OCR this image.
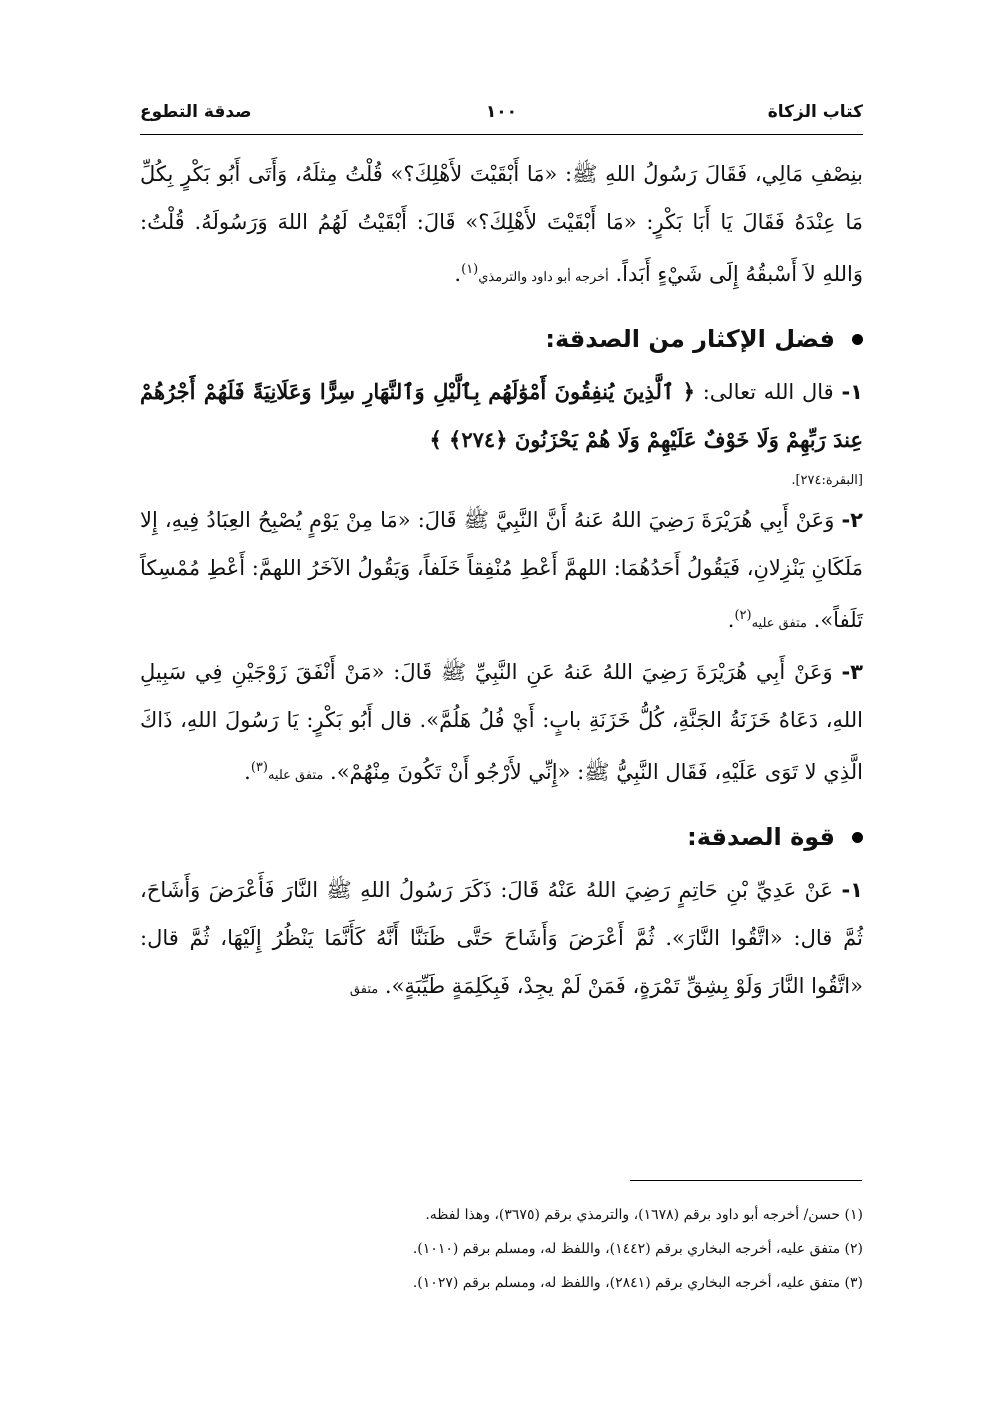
كتاب الزكاة
١٠٠
صدقة التطوع

بنِصْفِ مَالِي، فَقَالَ رَسُولُ اللهِ ﷺ: «مَا أَبْقَيْتَ لأَهْلِكَ؟» قُلْتُ مِثلَهُ، وَأَتَى أَبُو بَكْرٍ بِكُلِّ مَا عِنْدَهُ فَقَالَ يَا أَبَا بَكْرٍ: «مَا أَبْقَيْتَ لأَهْلِكَ؟» قَالَ: أَبْقَيْتُ لَهُمُ اللهَ وَرَسُولَهُ. قُلْتُ: وَاللهِ لاَ أَسْبقُهُ إِلَى شَيْءٍ أَبَداً. أخرجه أبو داود والترمذي$^{(١)}$.

فضل الإكثار من الصدقة:

١- قال الله تعالى: ﴿ ٱلَّذِينَ يُنفِقُونَ أَمْوَٰلَهُم بِٱلَّيْلِ وَٱلنَّهَارِ سِرًّا وَعَلَانِيَةً فَلَهُمْ أَجْرُهُمْ عِندَ رَبِّهِمْ وَلَا خَوْفٌ عَلَيْهِمْ وَلَا هُمْ يَحْزَنُونَ ﴿٢٧٤﴾ ﴾

[البقرة:٢٧٤].

٢- وَعَنْ أَبِي هُرَيْرَةَ رَضِيَ اللهُ عَنهُ أَنَّ النَّبِيَّ ﷺ قَالَ: «مَا مِنْ يَوْمٍ يُصْبِحُ العِبَادُ فِيهِ، إِلا مَلَكَانِ يَنْزِلانِ، فَيَقُولُ أَحَدُهُمَا: اللهمَّ أَعْطِ مُنْفِقاً خَلَفاً، وَيَقُولُ الآخَرُ اللهمَّ: أَعْطِ مُمْسِكاً تَلَفاً». متفق عليه$^{(٢)}$.

٣- وَعَنْ أَبِي هُرَيْرَةَ رَضِيَ اللهُ عَنهُ عَنِ النَّبِيِّ ﷺ قَالَ: «مَنْ أَنْفَقَ زَوْجَيْنِ فِي سَبِيلِ اللهِ، دَعَاهُ خَزَنَةُ الجَنَّةِ، كُلُّ خَزَنَةِ بابٍ: أَيْ فُلُ هَلُمَّ». قال أَبُو بَكْرٍ: يَا رَسُولَ اللهِ، ذَاكَ الَّذِي لا تَوَى عَلَيْهِ، فَقَال النَّبِيُّ ﷺ: «إِنِّي لأَرْجُو أَنْ تَكُونَ مِنْهُمْ». متفق عليه$^{(٣)}$.

قوة الصدقة:

١- عَنْ عَدِيِّ بْنِ حَاتِمٍ رَضِيَ اللهُ عَنْهُ قَالَ: ذَكَرَ رَسُولُ اللهِ ﷺ النَّارَ فَأَعْرَضَ وَأَشَاحَ، ثُمَّ قال: «اتَّقُوا النَّارَ». ثُمَّ أَعْرَضَ وَأَشَاحَ حَتَّى ظَنَنَّا أَنَّهُ كَأَنَّمَا يَنْظُرُ إِلَيْهَا، ثُمَّ قال: «اتَّقُوا النَّارَ وَلَوْ بِشِقِّ تَمْرَةٍ، فَمَنْ لَمْ يجِدْ، فَبِكَلِمَةٍ طَيِّبَةٍ». متفق

(١) حسن/ أخرجه أبو داود برقم (١٦٧٨)، والترمذي برقم (٣٦٧٥)، وهذا لفظه.

(٢) متفق عليه، أخرجه البخاري برقم (١٤٤٢)، واللفظ له، ومسلم برقم (١٠١٠).

(٣) متفق عليه، أخرجه البخاري برقم (٢٨٤١)، واللفظ له، ومسلم برقم (١٠٢٧).
